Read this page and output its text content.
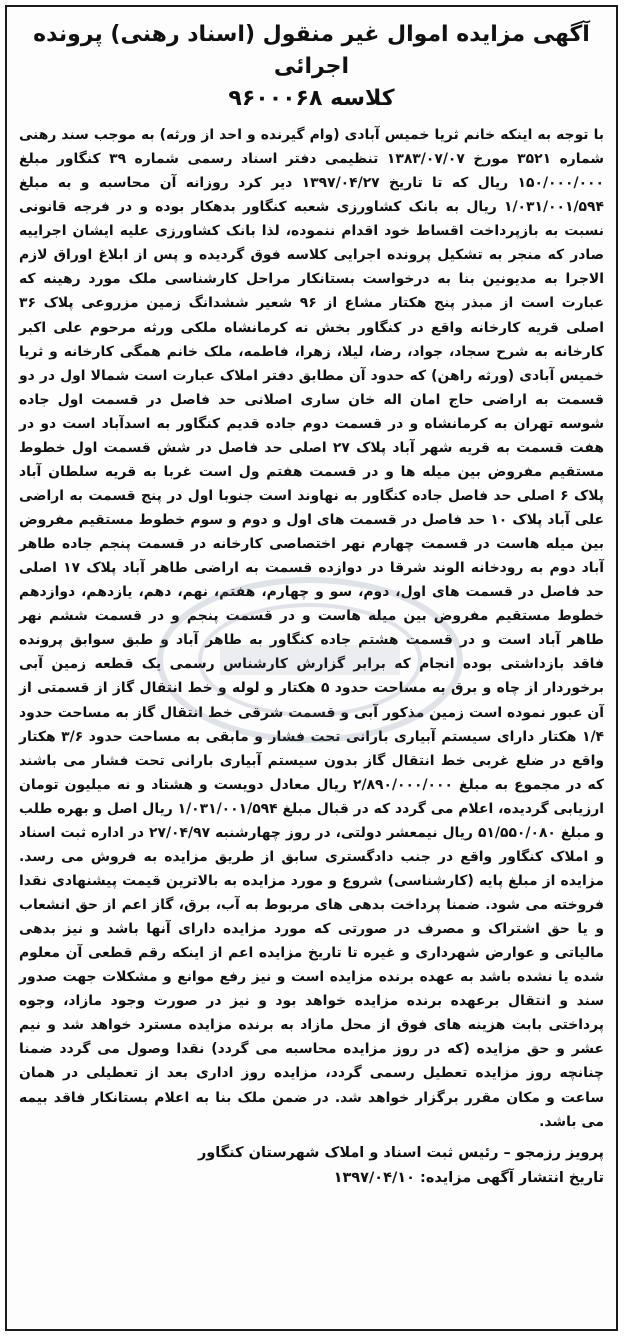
آگهی مزایده اموال غیر منقول (اسناد رهنی) پرونده اجرائی
کلاسه ۹۶۰۰۰۶۸
با توجه به اینکه خانم ثریا خمیس آبادی (وام گیرنده و احد از ورثه) به موجب سند رهنی شماره ۳۵۲۱ مورخ ۱۳۸۳/۰۷/۰۷ تنظیمی دفتر اسناد رسمی شماره ۳۹ کنگاور مبلغ ۱۵۰/۰۰۰/۰۰۰ ریال که تا تاریخ ۱۳۹۷/۰۴/۲۷ دیر کرد روزانه آن محاسبه و به مبلغ ۱/۰۳۱/۰۰۱/۵۹۴ ریال به بانک کشاورزی شعبه کنگاور بدهکار بوده و در فرجه قانونی نسبت به بازپرداخت اقساط خود اقدام ننموده، لذا بانک کشاورزی علیه ایشان اجراییه صادر که منجر به تشکیل پرونده اجرایی کلاسه فوق گردیده و پس از ابلاغ اوراق لازم الاجرا به مدیونین بنا به درخواست بستانکار مراحل کارشناسی ملک مورد رهینه که عبارت است از مبذر پنج هکتار مشاع از ۹۶ شعیر ششدانگ زمین مزروعی پلاک ۳۶ اصلی قریه کارخانه واقع در کنگاور بخش نه کرمانشاه ملکی ورثه مرحوم علی اکبر کارخانه به شرح سجاد، جواد، رضا، لیلا، زهرا، فاطمه، ملک خانم همگی کارخانه و ثریا خمیس آبادی (ورثه راهن) که حدود آن مطابق دفتر املاک عبارت است شمالا اول در دو قسمت به اراضی حاج امان اله خان ساری اصلانی حد فاصل در قسمت اول جاده شوسه تهران به کرمانشاه و در قسمت دوم جاده قدیم کنگاور به اسدآباد است دو در هفت قسمت به قریه شهر آباد پلاک ۲۷ اصلی حد فاصل در شش قسمت اول خطوط مستقیم مفروض بین میله ها و در قسمت هفتم ول است غربا به قریه سلطان آباد پلاک ۶ اصلی حد فاصل جاده کنگاور به نهاوند است جنوبا اول در پنج قسمت به اراضی علی آباد پلاک ۱۰ حد فاصل در قسمت های اول و دوم و سوم خطوط مستقیم مفروض بین میله هاست در قسمت چهارم نهر اختصاصی کارخانه در قسمت پنجم جاده طاهر آباد دوم به رودخانه الوند شرقا در دوازده قسمت به اراضی طاهر آباد پلاک ۱۷ اصلی حد فاصل در قسمت های اول، دوم، سو و چهارم، هفتم، نهم، دهم، یازدهم، دوازدهم خطوط مستقیم مفروض بین میله هاست و در قسمت پنجم و در قسمت ششم نهر طاهر آباد است و در قسمت هشتم جاده کنگاور به طاهر آباد و طبق سوابق پرونده فاقد بازداشتی بوده انجام که برابر گزارش کارشناس رسمی یک قطعه زمین آبی برخوردار از چاه و برق به مساحت حدود ۵ هکتار و لوله و خط انتقال گاز از قسمتی از آن عبور نموده است زمین مذکور آبی و قسمت شرقی خط انتقال گاز به مساحت حدود ۱/۴ هکتار دارای سیستم آبیاری بارانی تحت فشار و مابقی به مساحت حدود ۳/۶ هکتار واقع در ضلع غربی خط انتقال گاز بدون سیستم آبیاری بارانی تحت فشار می باشند که در مجموع به مبلغ ۲/۸۹۰/۰۰۰/۰۰۰ ریال معادل دویست و هشتاد و نه میلیون تومان ارزیابی گردیده، اعلام می گردد که در قبال مبلغ ۱/۰۳۱/۰۰۱/۵۹۴ ریال اصل و بهره طلب و مبلغ ۵۱/۵۵۰/۰۸۰ ریال نیمعشر دولتی، در روز چهارشنبه ۲۷/۰۴/۹۷ در اداره ثبت اسناد و املاک کنگاور واقع در جنب دادگستری سابق از طریق مزایده به فروش می رسد. مزایده از مبلغ پایه (کارشناسی) شروع و مورد مزایده به بالاترین قیمت پیشنهادی نقدا فروخته می شود. ضمنا پرداخت بدهی های مربوط به آب، برق، گاز اعم از حق انشعاب و یا حق اشتراک و مصرف در صورتی که مورد مزایده دارای آنها باشد و نیز بدهی مالیاتی و عوارض شهرداری و غیره تا تاریخ مزایده اعم از اینکه رقم قطعی آن معلوم شده یا نشده باشد به عهده برنده مزایده است و نیز رفع موانع و مشکلات جهت صدور سند و انتقال برعهده برنده مزایده خواهد بود و نیز در صورت وجود مازاد، وجوه پرداختی بابت هزینه های فوق از محل مازاد به برنده مزایده مسترد خواهد شد و نیم عشر و حق مزایده (که در روز مزایده محاسبه می گردد) نقدا وصول می گردد ضمنا چنانچه روز مزایده تعطیل رسمی گردد، مزایده روز اداری بعد از تعطیلی در همان ساعت و مکان مقرر برگزار خواهد شد. در ضمن ملک بنا به اعلام بستانکار فاقد بیمه می باشد.
پرویز رزمجو – رئیس ثبت اسناد و املاک شهرستان کنگاور
تاریخ انتشار آگهی مزایده: ۱۳۹۷/۰۴/۱۰
